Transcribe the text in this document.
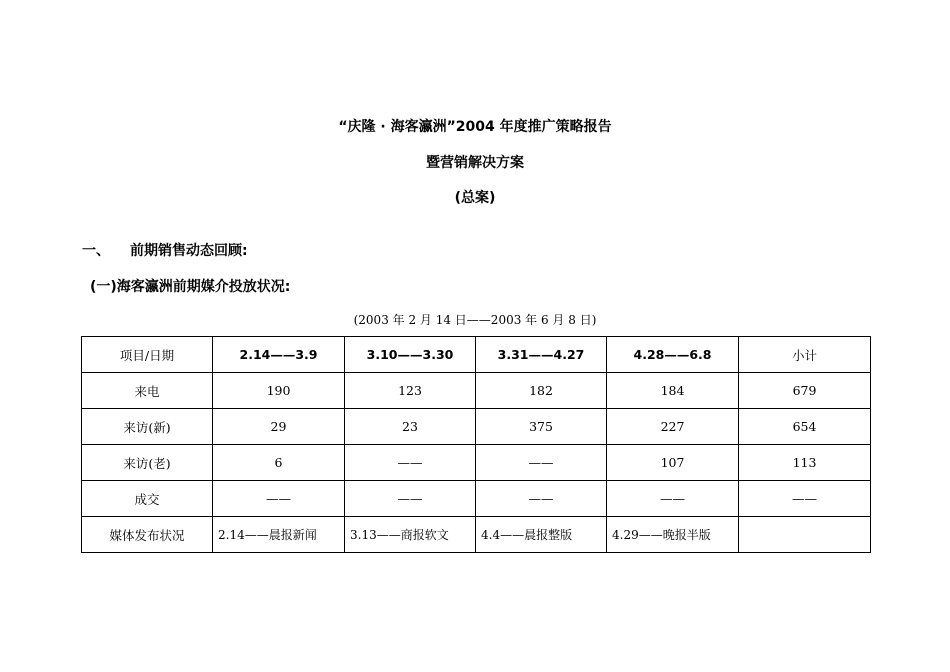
“庆隆 · 海客瀛洲”2004 年度推广策略报告
暨营销解决方案
(总案)
一、 前期销售动态回顾:
(一)海客瀛洲前期媒介投放状况:
(2003 年 2 月 14 日——2003 年 6 月 8 日)
项目/日期	2.14——3.9	3.10——3.30	3.31——4.27	4.28——6.8	小计
来电	190	123	182	184	679
来访(新)	29	23	375	227	654
来访(老)	6	——	——	107	113
成交	——	——	——	——	——
媒体发布状况	2.14——晨报新闻	3.13——商报软文	4.4——晨报整版	4.29——晚报半版	
